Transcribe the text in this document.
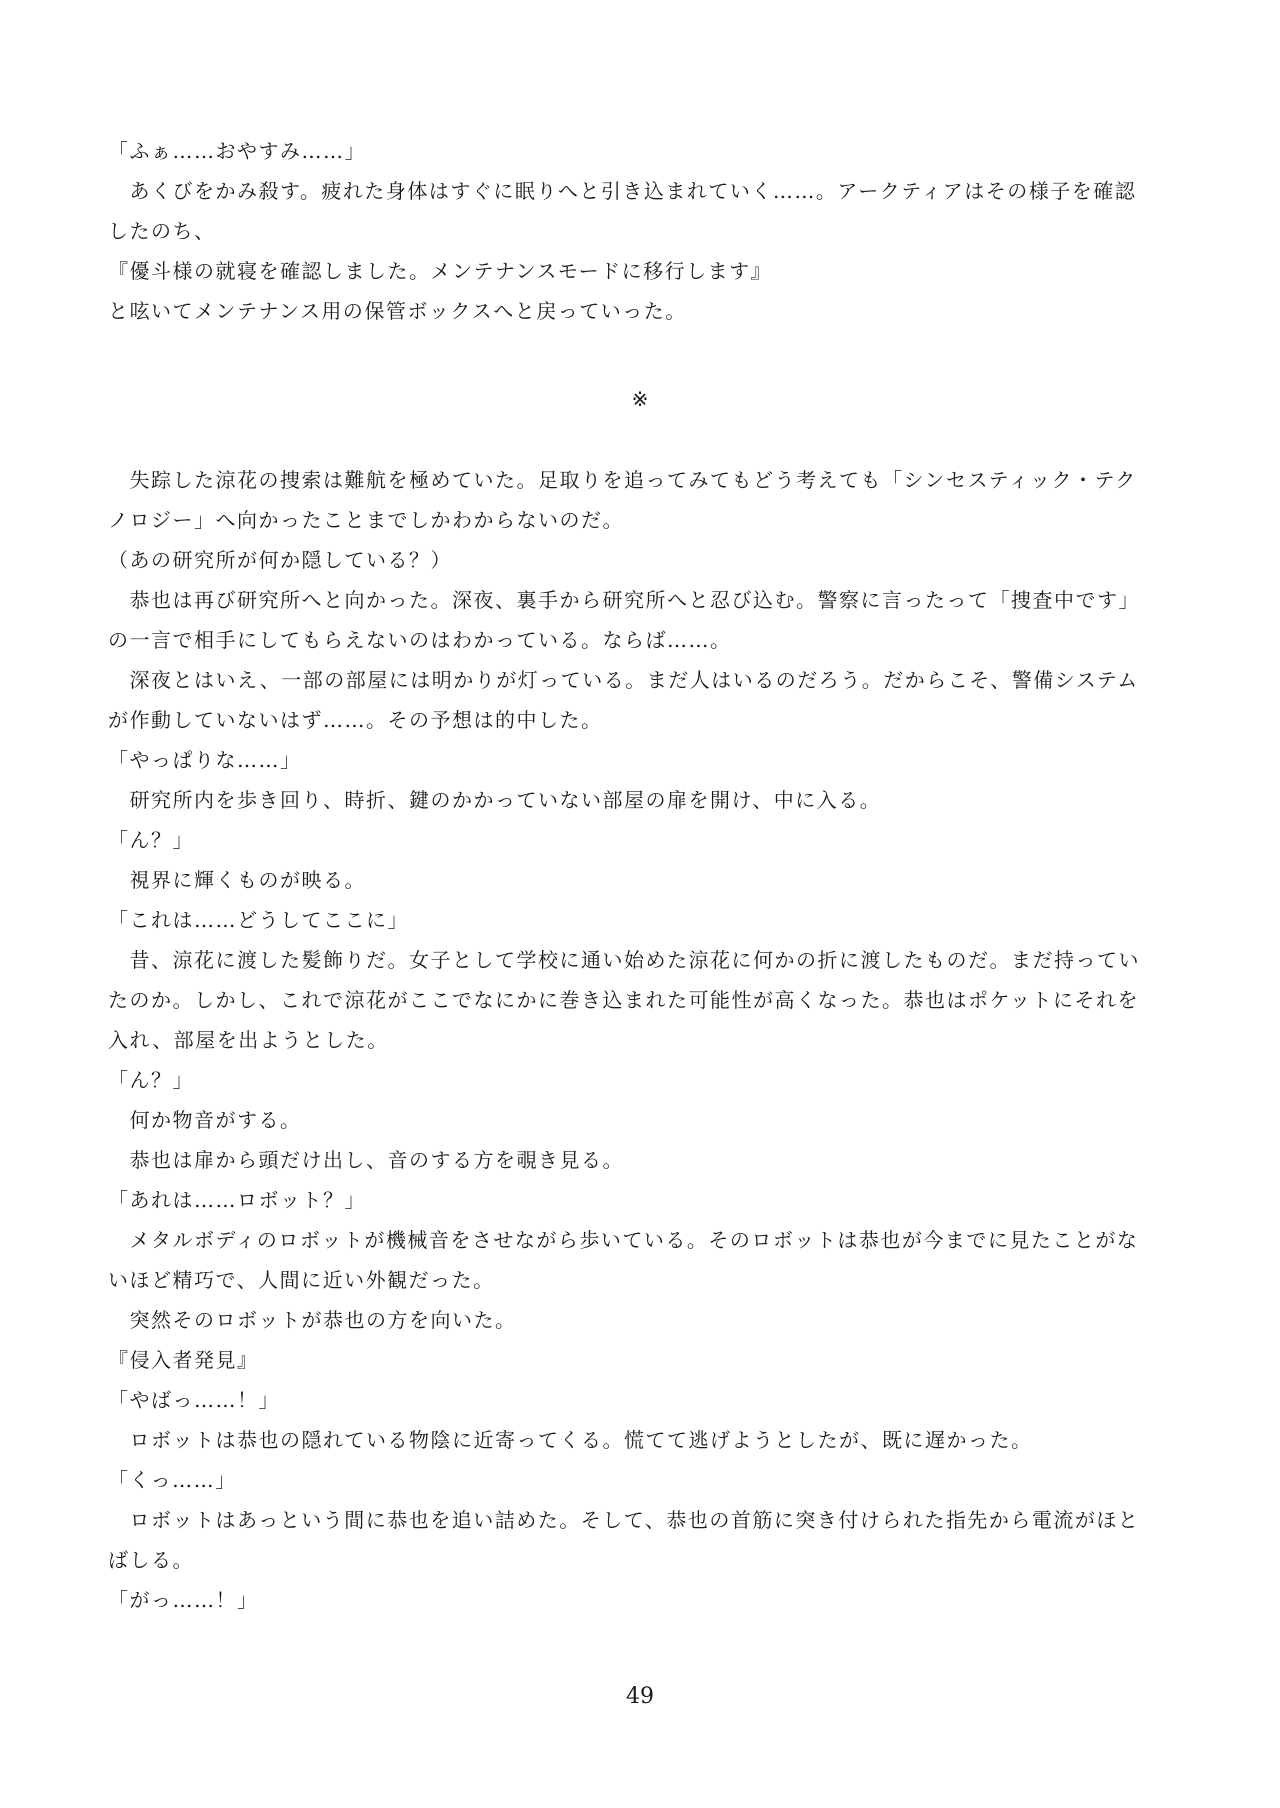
「ふぁ……おやすみ……」
　あくびをかみ殺す。疲れた身体はすぐに眠りへと引き込まれていく……。アークティアはその様子を確認
したのち、
『優斗様の就寝を確認しました。メンテナンスモードに移行します』
と呟いてメンテナンス用の保管ボックスへと戻っていった。
※
　失踪した涼花の捜索は難航を極めていた。足取りを追ってみてもどう考えても「シンセスティック・テク
ノロジー」へ向かったことまでしかわからないのだ。
（あの研究所が何か隠している？）
　恭也は再び研究所へと向かった。深夜、裏手から研究所へと忍び込む。警察に言ったって「捜査中です」
の一言で相手にしてもらえないのはわかっている。ならば……。
　深夜とはいえ、一部の部屋には明かりが灯っている。まだ人はいるのだろう。だからこそ、警備システム
が作動していないはず……。その予想は的中した。
「やっぱりな……」
　研究所内を歩き回り、時折、鍵のかかっていない部屋の扉を開け、中に入る。
「ん？」
　視界に輝くものが映る。
「これは……どうしてここに」
　昔、涼花に渡した髪飾りだ。女子として学校に通い始めた涼花に何かの折に渡したものだ。まだ持ってい
たのか。しかし、これで涼花がここでなにかに巻き込まれた可能性が高くなった。恭也はポケットにそれを
入れ、部屋を出ようとした。
「ん？」
　何か物音がする。
　恭也は扉から頭だけ出し、音のする方を覗き見る。
「あれは……ロボット？」
　メタルボディのロボットが機械音をさせながら歩いている。そのロボットは恭也が今までに見たことがな
いほど精巧で、人間に近い外観だった。
　突然そのロボットが恭也の方を向いた。
『侵入者発見』
「やばっ……！」
　ロボットは恭也の隠れている物陰に近寄ってくる。慌てて逃げようとしたが、既に遅かった。
「くっ……」
　ロボットはあっという間に恭也を追い詰めた。そして、恭也の首筋に突き付けられた指先から電流がほと
ばしる。
「がっ……！」
49
